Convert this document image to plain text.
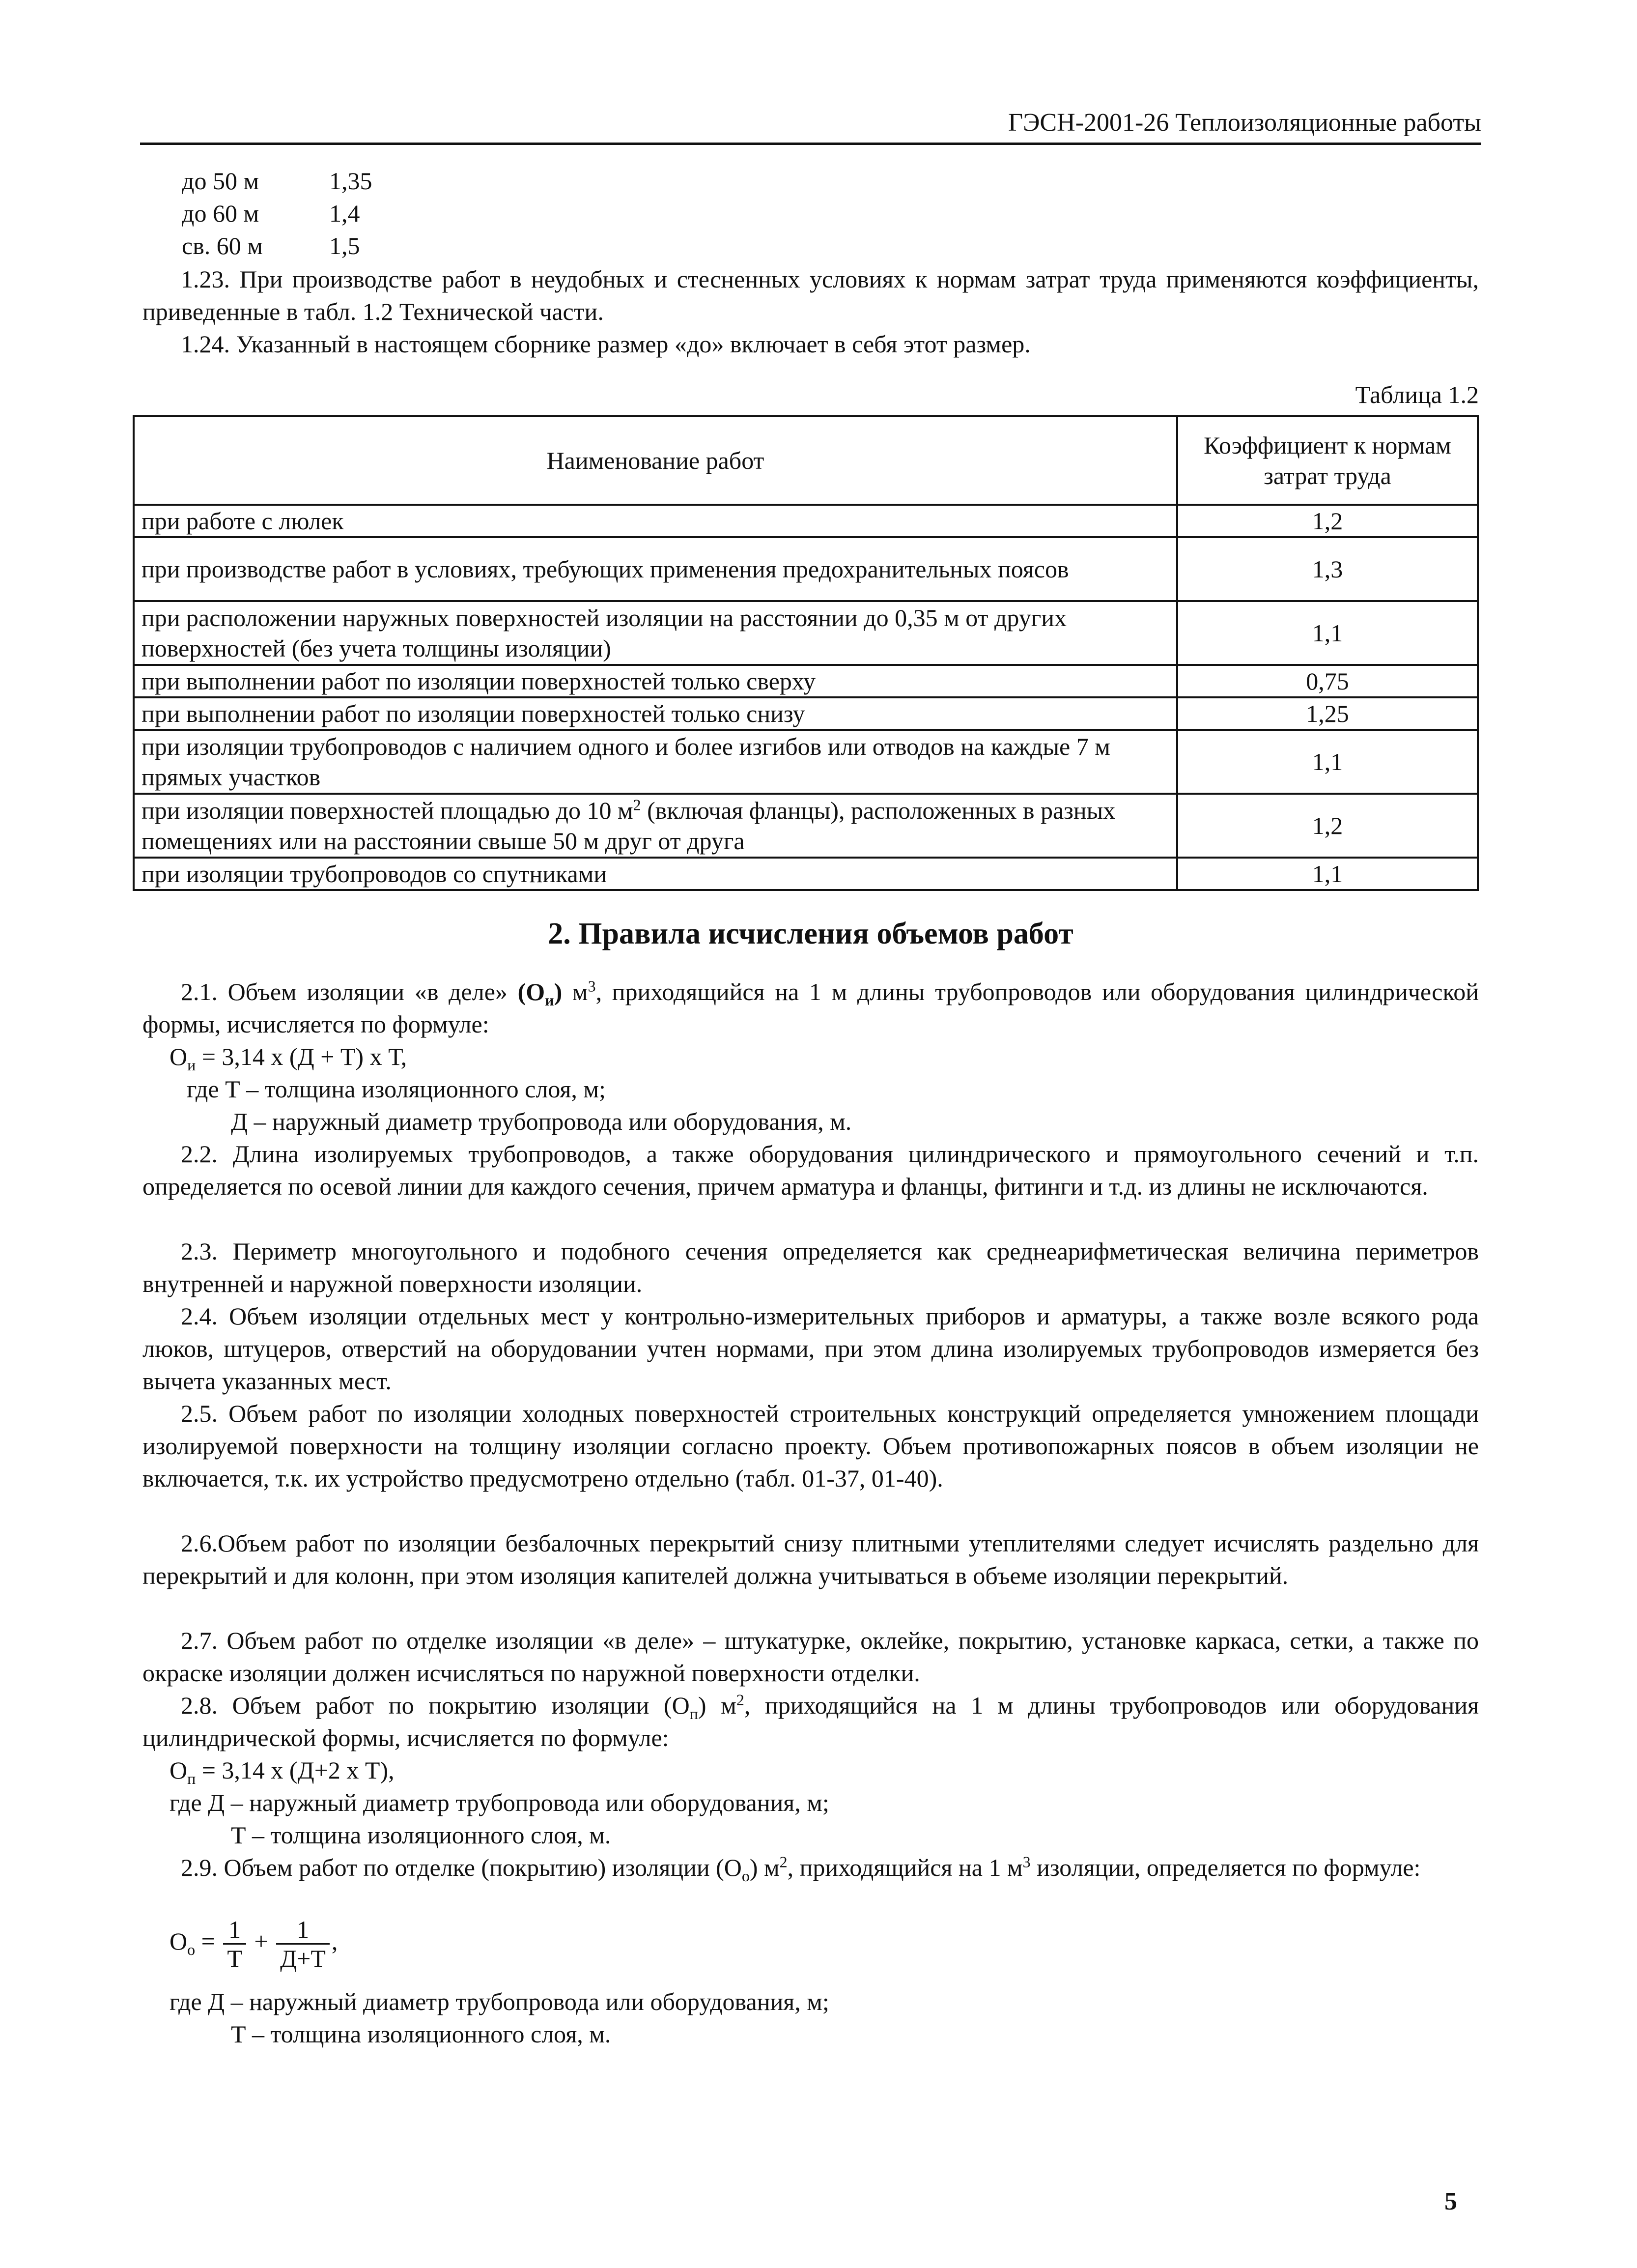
ГЭСН-2001-26 Теплоизоляционные работы
до 50 м	1,35
до 60 м	1,4
св. 60 м	1,5
1.23. При производстве работ в неудобных и стесненных условиях к нормам затрат труда применяются коэффициенты, приведенные в табл. 1.2 Технической части.
1.24. Указанный в настоящем сборнике размер «до» включает в себя этот размер.
Таблица 1.2
Наименование работ	Коэффициент к нормам затрат труда
при работе с люлек	1,2
при производстве работ в условиях, требующих применения предохранительных поясов	1,3
при расположении наружных поверхностей изоляции на расстоянии до 0,35 м от других поверхностей (без учета толщины изоляции)	1,1
при выполнении работ по изоляции поверхностей только сверху	0,75
при выполнении работ по изоляции поверхностей только снизу	1,25
при изоляции трубопроводов с наличием одного и более изгибов или отводов на каждые 7 м прямых участков	1,1
при изоляции поверхностей площадью до 10 $м^2$ (включая фланцы), расположенных в разных помещениях или на расстоянии свыше 50 м друг от друга	1,2
при изоляции трубопроводов со спутниками	1,1
2. Правила исчисления объемов работ
2.1. Объем изоляции «в деле» $(О_и)$ $м^3$, приходящийся на 1 м длины трубопроводов или оборудования цилиндрической формы, исчисляется по формуле:
$О_и = 3,14$ x (Д + Т) x Т,
где Т – толщина изоляционного слоя, м;
Д – наружный диаметр трубопровода или оборудования, м.
2.2. Длина изолируемых трубопроводов, а также оборудования цилиндрического и прямоугольного сечений и т.п. определяется по осевой линии для каждого сечения, причем арматура и фланцы, фитинги и т.д. из длины не исключаются.
2.3. Периметр многоугольного и подобного сечения определяется как среднеарифметическая величина периметров внутренней и наружной поверхности изоляции.
2.4. Объем изоляции отдельных мест у контрольно-измерительных приборов и арматуры, а также возле всякого рода люков, штуцеров, отверстий на оборудовании учтен нормами, при этом длина изолируемых трубопроводов измеряется без вычета указанных мест.
2.5. Объем работ по изоляции холодных поверхностей строительных конструкций определяется умножением площади изолируемой поверхности на толщину изоляции согласно проекту. Объем противопожарных поясов в объем изоляции не включается, т.к. их устройство предусмотрено отдельно (табл. 01-37, 01-40).
2.6.Объем работ по изоляции безбалочных перекрытий снизу плитными утеплителями следует исчислять раздельно для перекрытий и для колонн, при этом изоляция капителей должна учитываться в объеме изоляции перекрытий.
2.7. Объем работ по отделке изоляции «в деле» – штукатурке, оклейке, покрытию, установке каркаса, сетки, а также по окраске изоляции должен исчисляться по наружной поверхности отделки.
2.8. Объем работ по покрытию изоляции $(О_п)$ $м^2$, приходящийся на 1 м длины трубопроводов или оборудования цилиндрической формы, исчисляется по формуле:
$О_п = 3,14$ x (Д+2 x Т),
где Д – наружный диаметр трубопровода или оборудования, м;
Т – толщина изоляционного слоя, м.
2.9. Объем работ по отделке (покрытию) изоляции $(О_о)$ $м^2$, приходящийся на 1 $м^3$ изоляции, определяется по формуле:
$О_о = \frac{1}{Т} + \frac{1}{Д+Т}$ ,
где Д – наружный диаметр трубопровода или оборудования, м;
Т – толщина изоляционного слоя, м.
5
